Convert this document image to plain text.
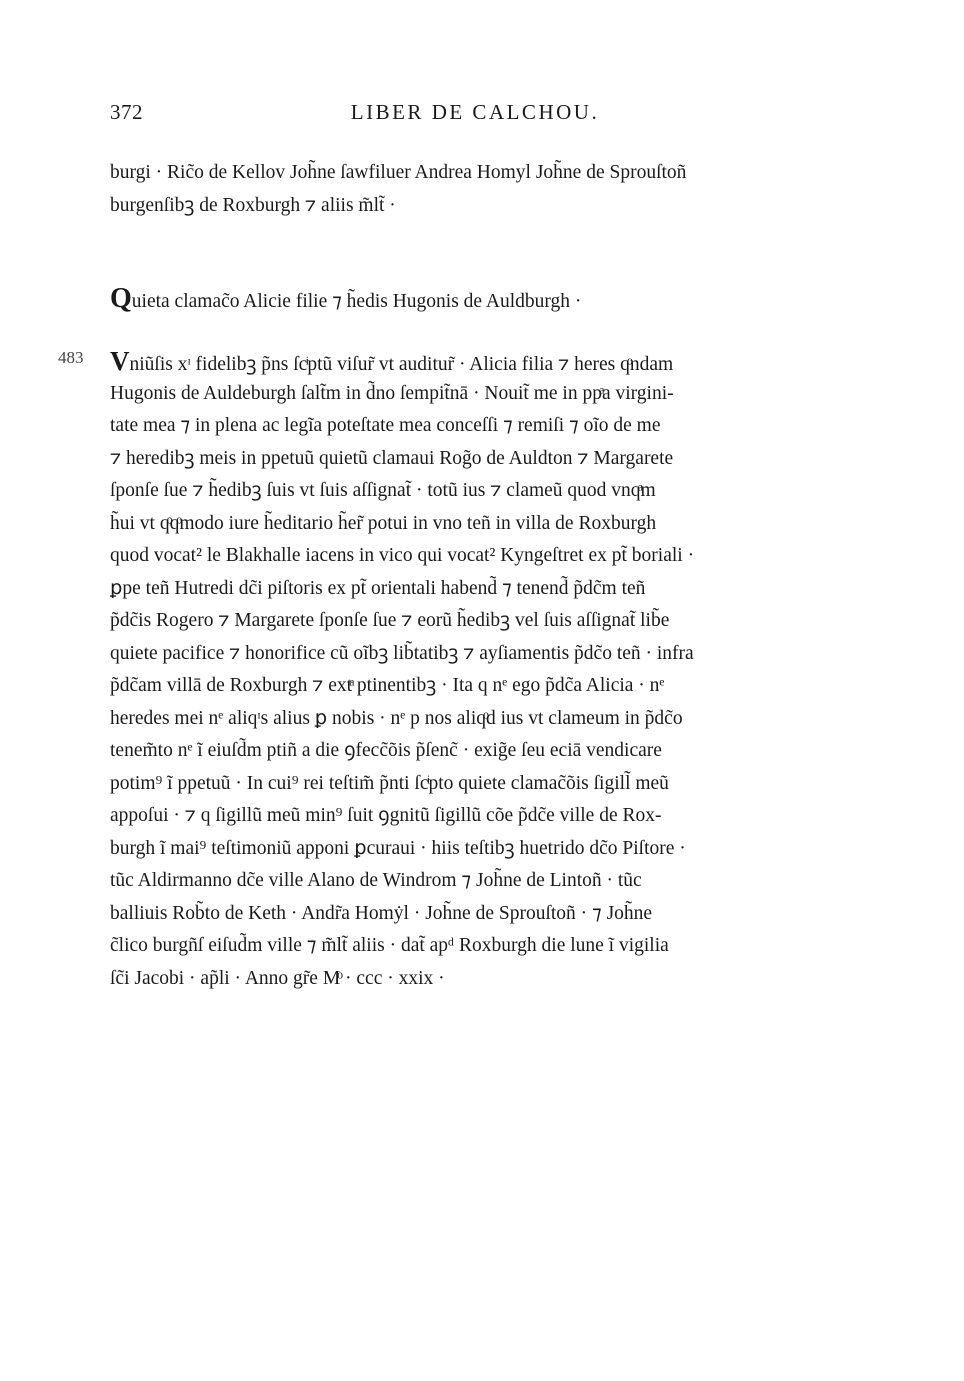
372	LIBER DE CALCHOU.
burgi · Ric̃o de Kellov Joh̃ne ſawfiluer Andrea Homyl Joh̃ne de Sprouſtoñ
burgenſibꝫ de Roxburgh ⁊ aliis m̃lt̃ ·
Quieta clamac̃o Alicie filie ⁊ h̃edis Hugonis de Auldburgh ·
483 Vniũſis xᶦ fidelibꝫ p̃ns ſcͥptũ viſur̃ vt auditur̃ · Alicia filia ⁊ heres qͦndam
Hugonis de Auldeburgh ſalt̃m in d̃no ſempit̃nā · Nouit̃ me in ppͣa virgini-
tate mea ⁊ in plena ac legĩa poteſtate mea conceſſi ⁊ remiſi ⁊ oĩo de me
⁊ heredibꝫ meis in ppetuũ quietũ clamaui Rog̃o de Auldton ⁊ Margarete
ſponſe ſue ⁊ h̃edibꝫ ſuis vt ſuis aſſignat̃ · totũ ius ⁊ clameũ quod vnqͣm
h̃ui vt qͦqͦmodo iure h̃editario h̃er̃ potui in vno teñ in villa de Roxburgh
quod vocat² le Blakhalle iacens in vico qui vocat² Kyngeſtret ex pt̃ boriali ·
ꝑpe teñ Hutredi dc̃i piſtoris ex pt̃ orientali habend̃ ⁊ tenend̃ p̃dc̃m teñ
p̃dc̃is Rogero ⁊ Margarete ſponſe ſue ⁊ eorũ h̃edibꝫ vel ſuis aſſignat̃ lib̃e
quiete pacifice ⁊ honorifice cũ oĩbꝫ lib̃tatibꝫ ⁊ ayſiamentis p̃dc̃o teñ · infra
p̃dc̃am villā de Roxburgh ⁊ extͣ ptinentibꝫ · Ita q nᵉ ego p̃dc̃a Alicia · nᵉ
heredes mei nᵉ aliqᶦs alius ꝑ nobis · nᵉ p nos aliqͦd ius vt clameum in p̃dc̃o
tenem̃to nᵉ ĩ eiuſd̃m ptiñ a die ꝯfecc̃õis p̃ſenc̃ · exig̃e ſeu eciā vendicare
potim⁹ ĩ ppetuũ · In cui⁹ rei teſtim̃ p̃nti ſcͥpto quiete clamac̃õis ſigill̃ meũ
appoſui · ⁊ q ſigillũ meũ min⁹ ſuit ꝯgnitũ ſigillũ cõe p̃dc̃e ville de Rox-
burgh ĩ mai⁹ teſtimoniũ apponi ꝑcuraui · hiis teſtibꝫ huetrido dc̃o Piſtore ·
tũc Aldirmanno dc̃e ville Alano de Windrom ⁊ Joh̃ne de Lintoñ · tũc
balliuis Rob̃to de Keth · Andr̃a Homẏl · Joh̃ne de Sprouſtoñ · ⁊ Joh̃ne
c̃lico burgñſ eiſud̃m ville ⁊ m̃lt̃ aliis · dat̃ apᵈ Roxburgh die lune ĩ vigilia
ſc̃i Jacobi · ap̃li · Anno gr̃e Mͦ · ccc · xxix ·
